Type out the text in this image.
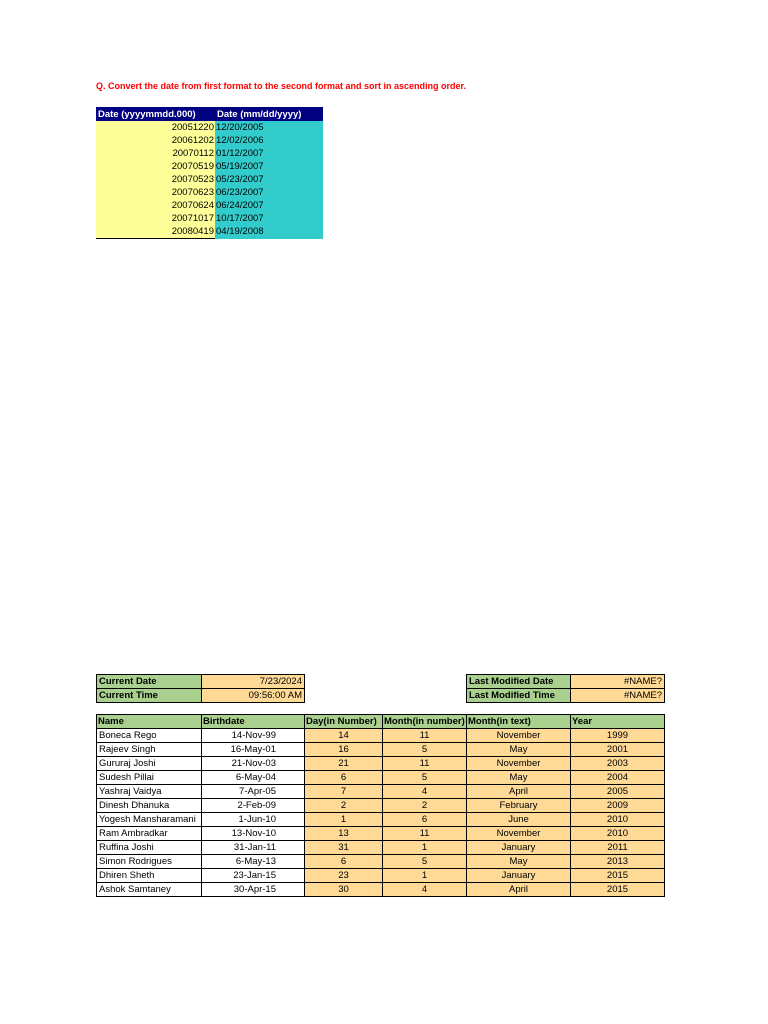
Q. Convert the date from first format to the second format and sort in ascending order.
Date (yyyymmdd.000)	Date (mm/dd/yyyy)
20051220	12/20/2005
20061202	12/02/2006
20070112	01/12/2007
20070519	05/19/2007
20070523	05/23/2007
20070623	06/23/2007
20070624	06/24/2007
20071017	10/17/2007
20080419	04/19/2008
Current Date	7/23/2024
Current Time	09:56:00 AM
Last Modified Date	#NAME?
Last Modified Time	#NAME?
Name	Birthdate	Day(in Number)	Month(in number)	Month(in text)	Year
Boneca Rego	14-Nov-99	14	11	November	1999
Rajeev Singh	16-May-01	16	5	May	2001
Gururaj Joshi	21-Nov-03	21	11	November	2003
Sudesh Pillai	6-May-04	6	5	May	2004
Yashraj Vaidya	7-Apr-05	7	4	April	2005
Dinesh Dhanuka	2-Feb-09	2	2	February	2009
Yogesh Mansharamani	1-Jun-10	1	6	June	2010
Ram Ambradkar	13-Nov-10	13	11	November	2010
Ruffina Joshi	31-Jan-11	31	1	January	2011
Simon Rodrigues	6-May-13	6	5	May	2013
Dhiren Sheth	23-Jan-15	23	1	January	2015
Ashok Samtaney	30-Apr-15	30	4	April	2015
